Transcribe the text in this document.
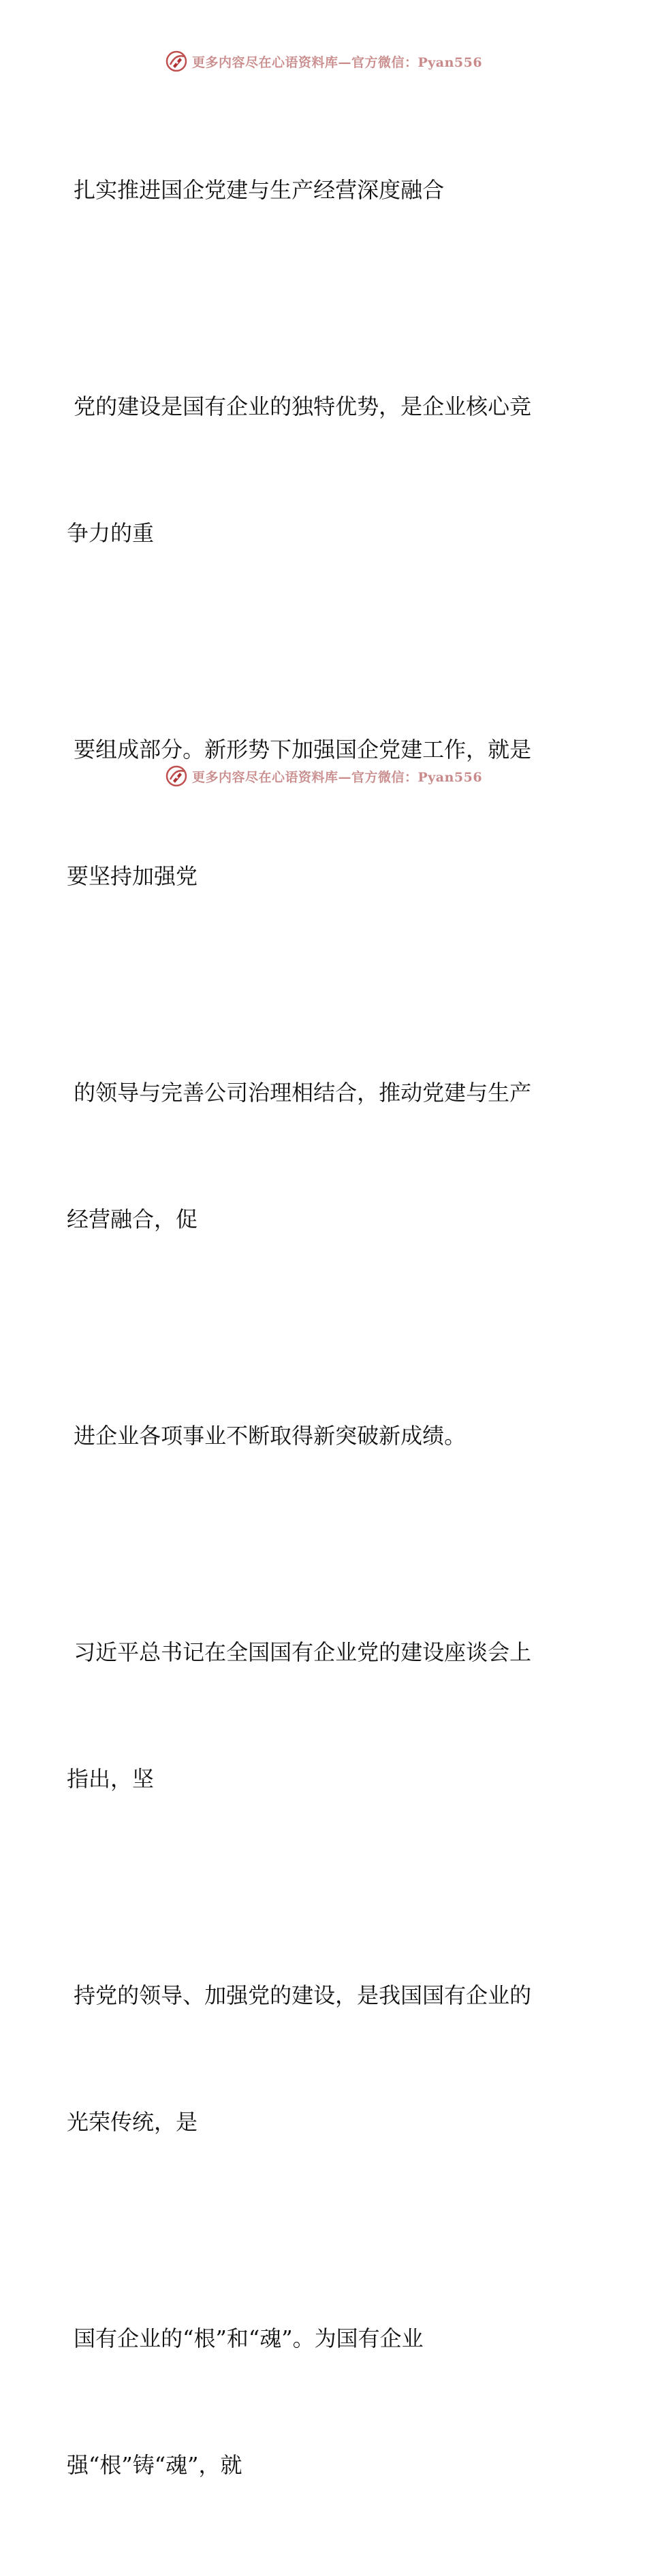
更多内容尽在心语资料库—官方微信：Pyan556

扎实推进国企党建与生产经营深度融合

党的建设是国有企业的独特优势，是企业核心竞

争力的重

要组成部分。新形势下加强国企党建工作，就是

要坚持加强党

的领导与完善公司治理相结合，推动党建与生产

经营融合，促

进企业各项事业不断取得新突破新成绩。

习近平总书记在全国国有企业党的建设座谈会上

指出，坚

持党的领导、加强党的建设，是我国国有企业的

光荣传统，是

国有企业的“根”和“魂”。为国有企业

强“根”铸“魂”，就

更多内容尽在心语资料库—官方微信：Pyan556
